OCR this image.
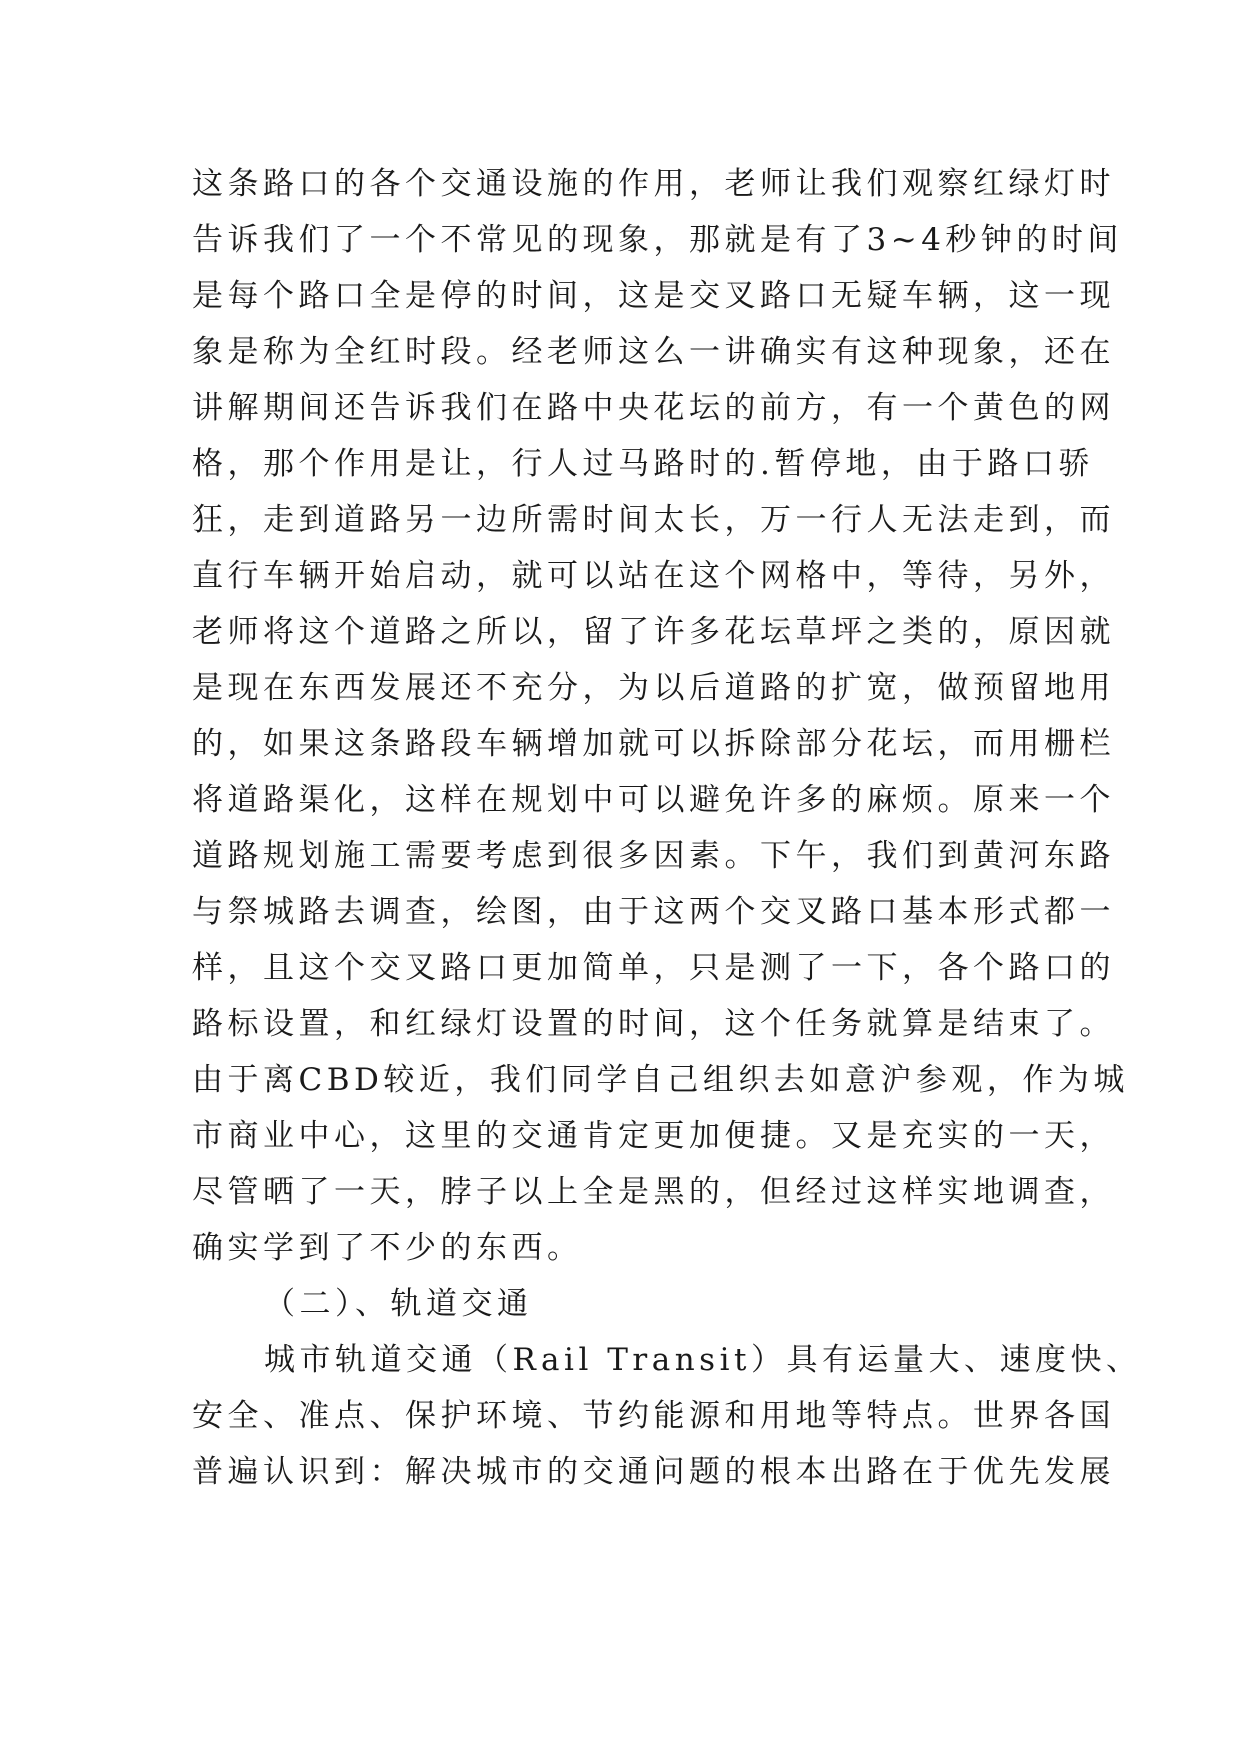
这条路口的各个交通设施的作用，老师让我们观察红绿灯时
告诉我们了一个不常见的现象，那就是有了3~4秒钟的时间
是每个路口全是停的时间，这是交叉路口无疑车辆，这一现
象是称为全红时段。经老师这么一讲确实有这种现象，还在
讲解期间还告诉我们在路中央花坛的前方，有一个黄色的网
格，那个作用是让，行人过马路时的.暂停地，由于路口骄
狂，走到道路另一边所需时间太长，万一行人无法走到，而
直行车辆开始启动，就可以站在这个网格中，等待，另外，
老师将这个道路之所以，留了许多花坛草坪之类的，原因就
是现在东西发展还不充分，为以后道路的扩宽，做预留地用
的，如果这条路段车辆增加就可以拆除部分花坛，而用栅栏
将道路渠化，这样在规划中可以避免许多的麻烦。原来一个
道路规划施工需要考虑到很多因素。下午，我们到黄河东路
与祭城路去调查，绘图，由于这两个交叉路口基本形式都一
样，且这个交叉路口更加简单，只是测了一下，各个路口的
路标设置，和红绿灯设置的时间，这个任务就算是结束了。
由于离CBD较近，我们同学自己组织去如意沪参观，作为城
市商业中心，这里的交通肯定更加便捷。又是充实的一天，
尽管晒了一天，脖子以上全是黑的，但经过这样实地调查，
确实学到了不少的东西。
（二）、轨道交通
城市轨道交通（Rail Transit）具有运量大、速度快、
安全、准点、保护环境、节约能源和用地等特点。世界各国
普遍认识到：解决城市的交通问题的根本出路在于优先发展
